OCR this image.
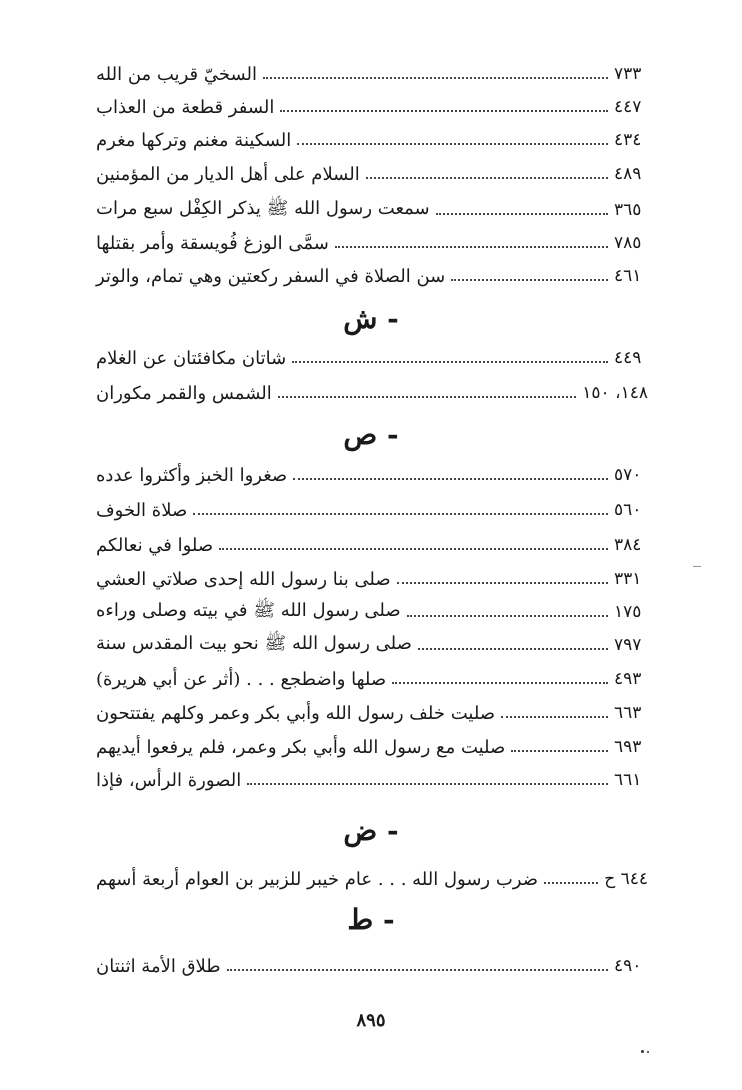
السخيّ قريب من الله	٧٣٣
السفر قطعة من العذاب	٤٤٧
السكينة مغنم وتركها مغرم	٤٣٤
السلام على أهل الديار من المؤمنين	٤٨٩
سمعت رسول الله ﷺ يذكر الكِفْل سبع مرات	٣٦٥
سمَّى الوزغ فُويسقة وأمر بقتلها	٧٨٥
سن الصلاة في السفر ركعتين وهي تمام، والوتر	٤٦١
- ش
شاتان مكافئتان عن الغلام	٤٤٩
الشمس والقمر مكوران	١٤٨، ١٥٠
- ص
صغروا الخبز وأكثروا عدده	٥٧٠
صلاة الخوف	٥٦٠
صلوا في نعالكم	٣٨٤
صلى بنا رسول الله إحدى صلاتي العشي	٣٣١
صلى رسول الله ﷺ في بيته وصلى وراءه	١٧٥
صلى رسول الله ﷺ نحو بيت المقدس سنة	٧٩٧
صلها واضطجع . . . (أثر عن أبي هريرة)	٤٩٣
صليت خلف رسول الله وأبي بكر وعمر وكلهم يفتتحون	٦٦٣
صليت مع رسول الله وأبي بكر وعمر، فلم يرفعوا أيديهم	٦٩٣
الصورة الرأس، فإذا	٦٦١
- ض
ضرب رسول الله . . . عام خيبر للزبير بن العوام أربعة أسهم	٦٤٤ ح
- ط
طلاق الأمة اثنتان	٤٩٠
٨٩٥
